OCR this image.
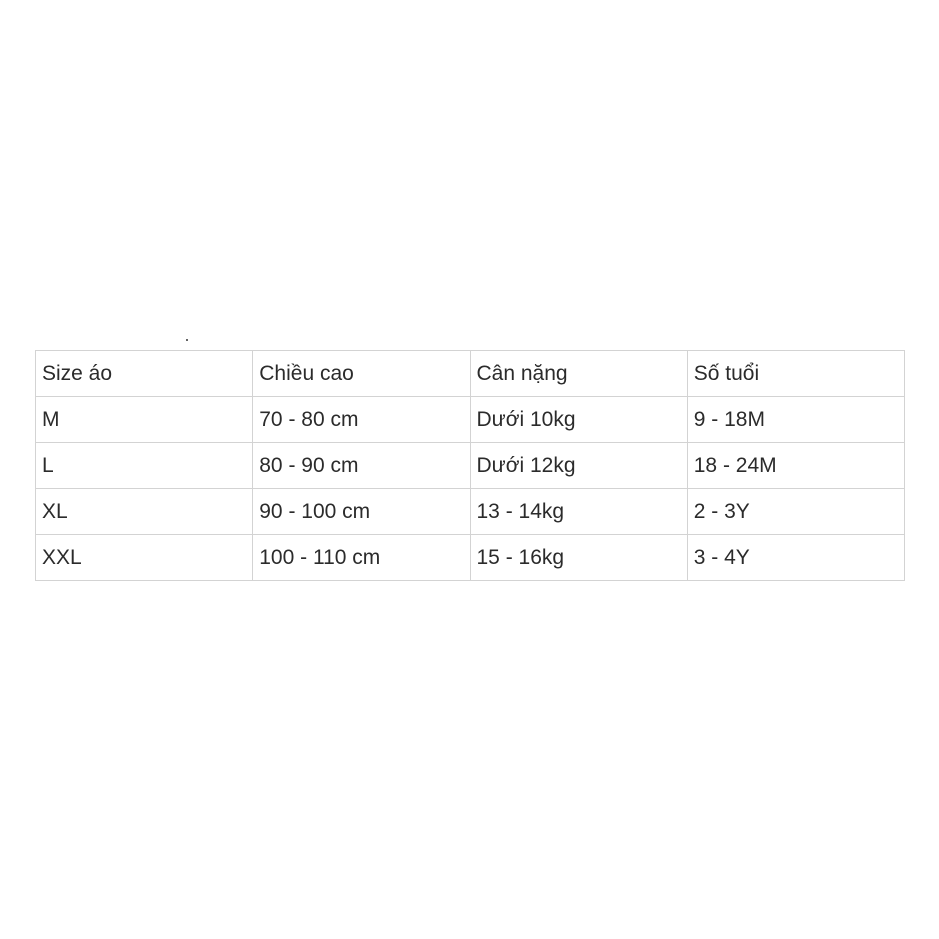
Size áo	Chiều cao	Cân nặng	Số tuổi
M	70 - 80 cm	Dưới 10kg	9 - 18M
L	80 - 90 cm	Dưới 12kg	18 - 24M
XL	90 - 100 cm	13 - 14kg	2 - 3Y
XXL	100 - 110 cm	15 - 16kg	3 - 4Y
